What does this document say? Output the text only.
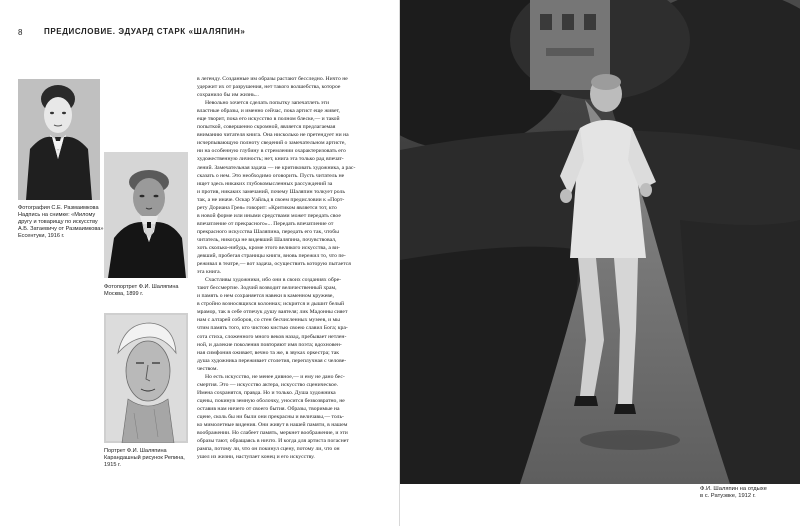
8	ПРЕДИСЛОВИЕ. ЭДУАРД СТАРК «ШАЛЯПИН»
Фотография С.Е. Размаимкова
Надпись на снимке: «Милому
другу и товарищу по искусству
А.Б. Затаевичу от Размаимкова»
Ессентуки, 1916 г.
Фотопортрет Ф.И. Шаляпина
Москва, 1899 г.
Портрет Ф.И. Шаляпина
Карандашный рисунок Репина,
1915 г.
в легенду. Созданные им образы растают бесследно. Ничто не
удержит их от разрушения, нет такого волшебства, которое
сохранило бы им жизнь...
Невольно хочется сделать попытку запечатлеть эти
властные образы, и именно сейчас, пока артист еще живет,
еще творит, пока его искусство в полном блеске,— и такой
попыткой, совершенно скромной, является предлагаемая
вниманию читателя книга. Она нисколько не претендует ни на
исчерпывающую полноту сведений о замечательном артисте,
ни на особенную глубину в стремлении охарактеризовать его
художественную личность; нет, книга эта только рад впечат-
лений. Замечательная задача — не критиковать художника, а рас-
сказать о нем. Это необходимо оговорить. Пусть читатель не
ищет здесь никаких глубокомысленных рассуждений за
и против, никаких замечаний, почему Шаляпин толкует роль
так, а не иначе. Оскар Уайльд в своем предисловии к «Порт-
рету Дориана Грея» говорит: «Критиком является тот, кто
в новой форме или иными средствами может передать свое
впечатление от прекрасного»... Передать впечатление от
прекрасного искусства Шаляпина, передать его так, чтобы
читатель, никогда не видевший Шаляпина, почувствовал,
хоть сколько-нибудь, кроме этого великого искусства, а ви-
девший, пробегая страницы книги, вновь пережил то, что пе-
реживал в театре,— вот задача, осуществить которую пытается
эта книга.
Счастливы художники, ибо они в своих созданиях обре-
тают бессмертие. Зодчий возводит величественный храм,
и память о нем сохраняется навеки в каменном кружеве,
в стройно возносящихся колоннах; искрится и дышит белый
мрамор, так в себе отпечук душу ваятеля; лик Мадонны сияет
нам с алтарей соборов, со стен бесчисленных музеев, и мы
чтим память того, кто чистою кистью своею славил Бога; кра-
сота стиха, сложенного много веков назад, пребывает нетлен-
ной, и далекие поколения повторяют имя поэта; вдохновен-
ная симфония оживает, вечно та же, в звуках оркестра; так
душа художника переживает столетия, переплучная с челове-
чеством.
Но есть искусство, не менее дивное,— и ему не дано бес-
смертия. Это — искусство актера, искусство сценическое.
Имена сохранятся, правда. Но и только. Душа художника
сцены, покинув земную оболочку, уносится безвозвратно, не
оставив нам ничего от своего бытия. Образы, творимые на
сцене, сколь бы ни были они прекрасны и величавы,— толь-
ко мимолетные видения. Они живут в нашей памяти, в нашем
воображении. Но слабеет память, меркнет воображение, и эти
образы тают, обращаясь в ничто. И когда для артиста погаснет
рампа, потому ли, что он покинул сцену, потому ли, что он
ушел из жизни, наступает конец и его искусству.
Ф.И. Шаляпин на отдыхе
в с. Ратуэвке, 1912 г.
